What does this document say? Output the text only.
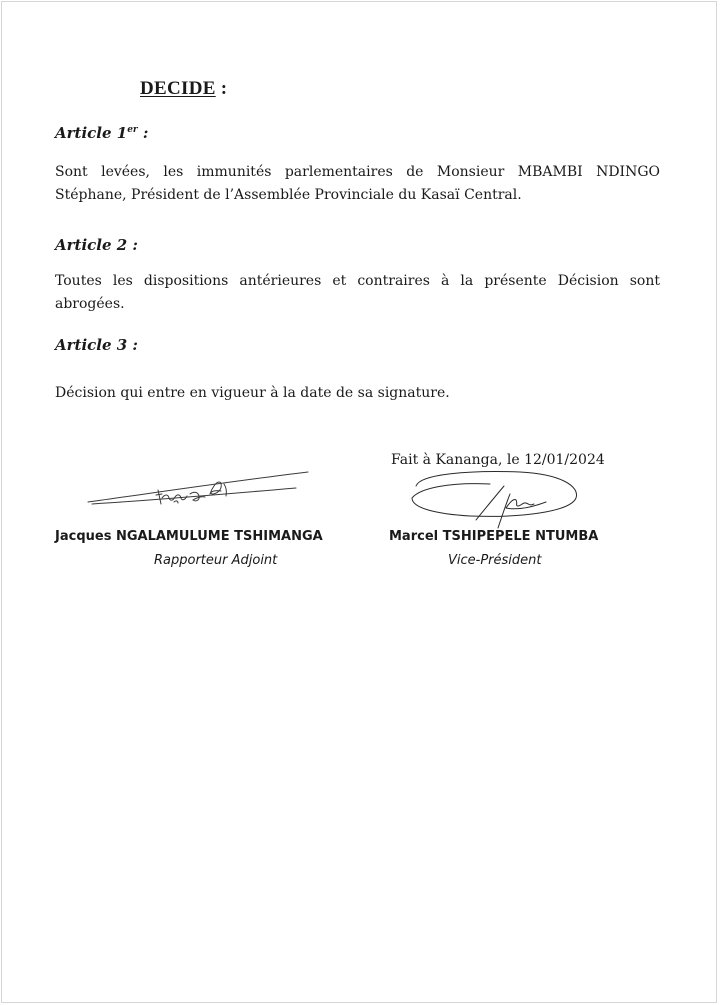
DECIDE :
Article 1er :
Sont levées, les immunités parlementaires de Monsieur MBAMBI NDINGO
Stéphane, Président de l’Assemblée Provinciale du Kasaï Central.
Article 2 :
Toutes les dispositions antérieures et contraires à la présente Décision sont
abrogées.
Article 3 :
Décision qui entre en vigueur à la date de sa signature.
Fait à Kananga, le 12/01/2024
Jacques NGALAMULUME TSHIMANGA
Rapporteur Adjoint
Marcel TSHIPEPELE NTUMBA
Vice-Président
